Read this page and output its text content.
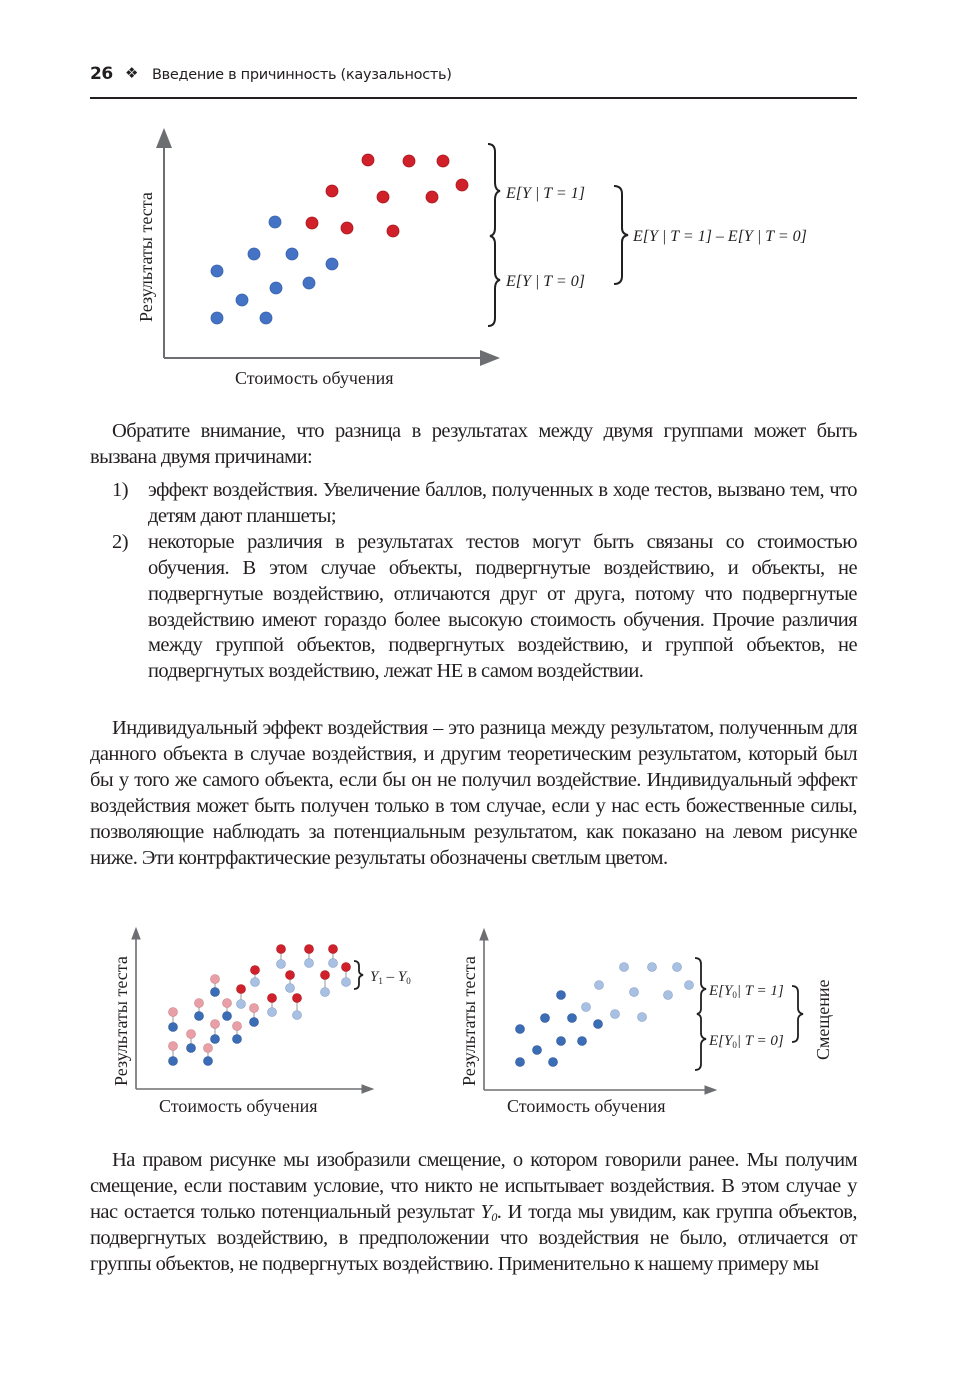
26 ❖ Введение в причинность (каузальность)
E[Y | T = 1]
E[Y | T = 0]
E[Y | T = 1] – E[Y | T = 0]
Результаты теста
Стоимость обучения

Обратите внимание, что разница в результатах между двумя группами может быть вызвана двумя причинами:

1) эффект воздействия. Увеличение баллов, полученных в ходе тестов, вызвано тем, что детям дают планшеты;
2) некоторые различия в результатах тестов могут быть связаны со стоимостью обучения. В этом случае объекты, подвергнутые воздействию, и объекты, не подвергнутые воздействию, отличаются друг от друга, потому что подвергнутые воздействию имеют гораздо более высокую стоимость обучения. Прочие различия между группой объектов, подвергнутых воздействию, и группой объектов, не подвергнутых воздействию, лежат НЕ в самом воздействии.

Индивидуальный эффект воздействия – это разница между результатом, полученным для данного объекта в случае воздействия, и другим теоретическим результатом, который был бы у того же самого объекта, если бы он не получил воздействие. Индивидуальный эффект воздействия может быть получен только в том случае, если у нас есть божественные силы, позволяющие наблюдать за потенциальным результатом, как показано на левом рисунке ниже. Эти контрфактические результаты обозначены светлым цветом.

$Y_1 - Y_0$
Результаты теста
Стоимость обучения
$E[Y_0|$ T = 1]
$E[Y_0|$ T = 0] Смещение
Результаты теста
Стоимость обучения

На правом рисунке мы изобразили смещение, о котором говорили ранее. Мы получим смещение, если поставим условие, что никто не испытывает воздействия. В этом случае у нас остается только потенциальный результат $Y_0$. И тогда мы увидим, как группа объектов, подвергнутых воздействию, в предположении что воздействия не было, отличается от группы объектов, не подвергнутых воздействию. Применительно к нашему примеру мы
